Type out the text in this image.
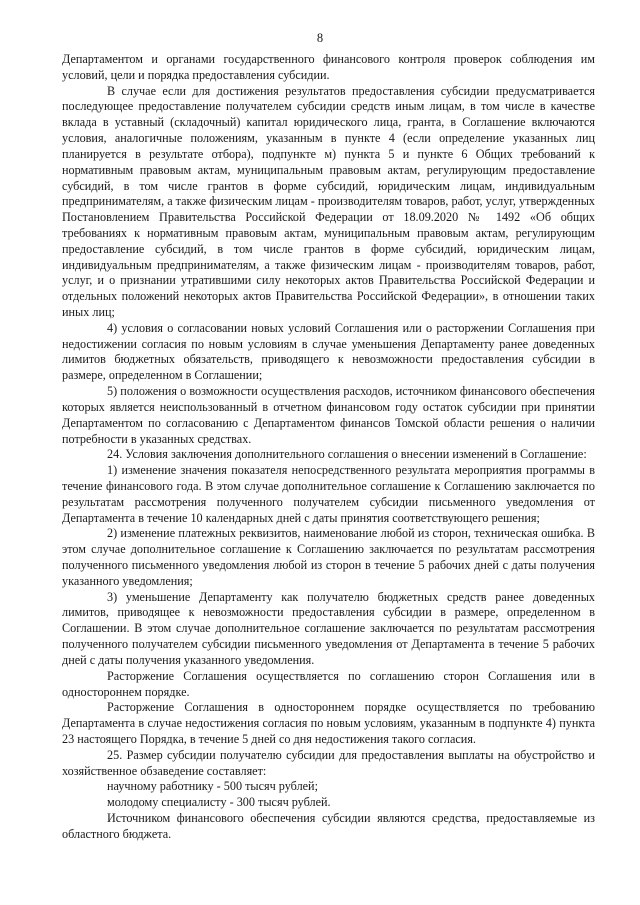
8

Департаментом и органами государственного финансового контроля проверок соблюдения им условий, цели и порядка предоставления субсидии.

В случае если для достижения результатов предоставления субсидии предусматривается последующее предоставление получателем субсидии средств иным лицам, в том числе в качестве вклада в уставный (складочный) капитал юридического лица, гранта, в Соглашение включаются условия, аналогичные положениям, указанным в пункте 4 (если определение указанных лиц планируется в результате отбора), подпункте м) пункта 5 и пункте 6 Общих требований к нормативным правовым актам, муниципальным правовым актам, регулирующим предоставление субсидий, в том числе грантов в форме субсидий, юридическим лицам, индивидуальным предпринимателям, а также физическим лицам - производителям товаров, работ, услуг, утвержденных Постановлением Правительства Российской Федерации от 18.09.2020 № 1492 «Об общих требованиях к нормативным правовым актам, муниципальным правовым актам, регулирующим предоставление субсидий, в том числе грантов в форме субсидий, юридическим лицам, индивидуальным предпринимателям, а также физическим лицам - производителям товаров, работ, услуг, и о признании утратившими силу некоторых актов Правительства Российской Федерации и отдельных положений некоторых актов Правительства Российской Федерации», в отношении таких иных лиц;

4) условия о согласовании новых условий Соглашения или о расторжении Соглашения при недостижении согласия по новым условиям в случае уменьшения Департаменту ранее доведенных лимитов бюджетных обязательств, приводящего к невозможности предоставления субсидии в размере, определенном в Соглашении;

5) положения о возможности осуществления расходов, источником финансового обеспечения которых является неиспользованный в отчетном финансовом году остаток субсидии при принятии Департаментом по согласованию с Департаментом финансов Томской области решения о наличии потребности в указанных средствах.

24. Условия заключения дополнительного соглашения о внесении изменений в Соглашение:

1) изменение значения показателя непосредственного результата мероприятия программы в течение финансового года. В этом случае дополнительное соглашение к Соглашению заключается по результатам рассмотрения полученного получателем субсидии письменного уведомления от Департамента в течение 10 календарных дней с даты принятия соответствующего решения;

2) изменение платежных реквизитов, наименование любой из сторон, техническая ошибка. В этом случае дополнительное соглашение к Соглашению заключается по результатам рассмотрения полученного письменного уведомления любой из сторон в течение 5 рабочих дней с даты получения указанного уведомления;

3) уменьшение Департаменту как получателю бюджетных средств ранее доведенных лимитов, приводящее к невозможности предоставления субсидии в размере, определенном в Соглашении. В этом случае дополнительное соглашение заключается по результатам рассмотрения полученного получателем субсидии письменного уведомления от Департамента в течение 5 рабочих дней с даты получения указанного уведомления.

Расторжение Соглашения осуществляется по соглашению сторон Соглашения или в одностороннем порядке.

Расторжение Соглашения в одностороннем порядке осуществляется по требованию Департамента в случае недостижения согласия по новым условиям, указанным в подпункте 4) пункта 23 настоящего Порядка, в течение 5 дней со дня недостижения такого согласия.

25. Размер субсидии получателю субсидии для предоставления выплаты на обустройство и хозяйственное обзаведение составляет:

научному работнику - 500 тысяч рублей;

молодому специалисту - 300 тысяч рублей.

Источником финансового обеспечения субсидии являются средства, предоставляемые из областного бюджета.
